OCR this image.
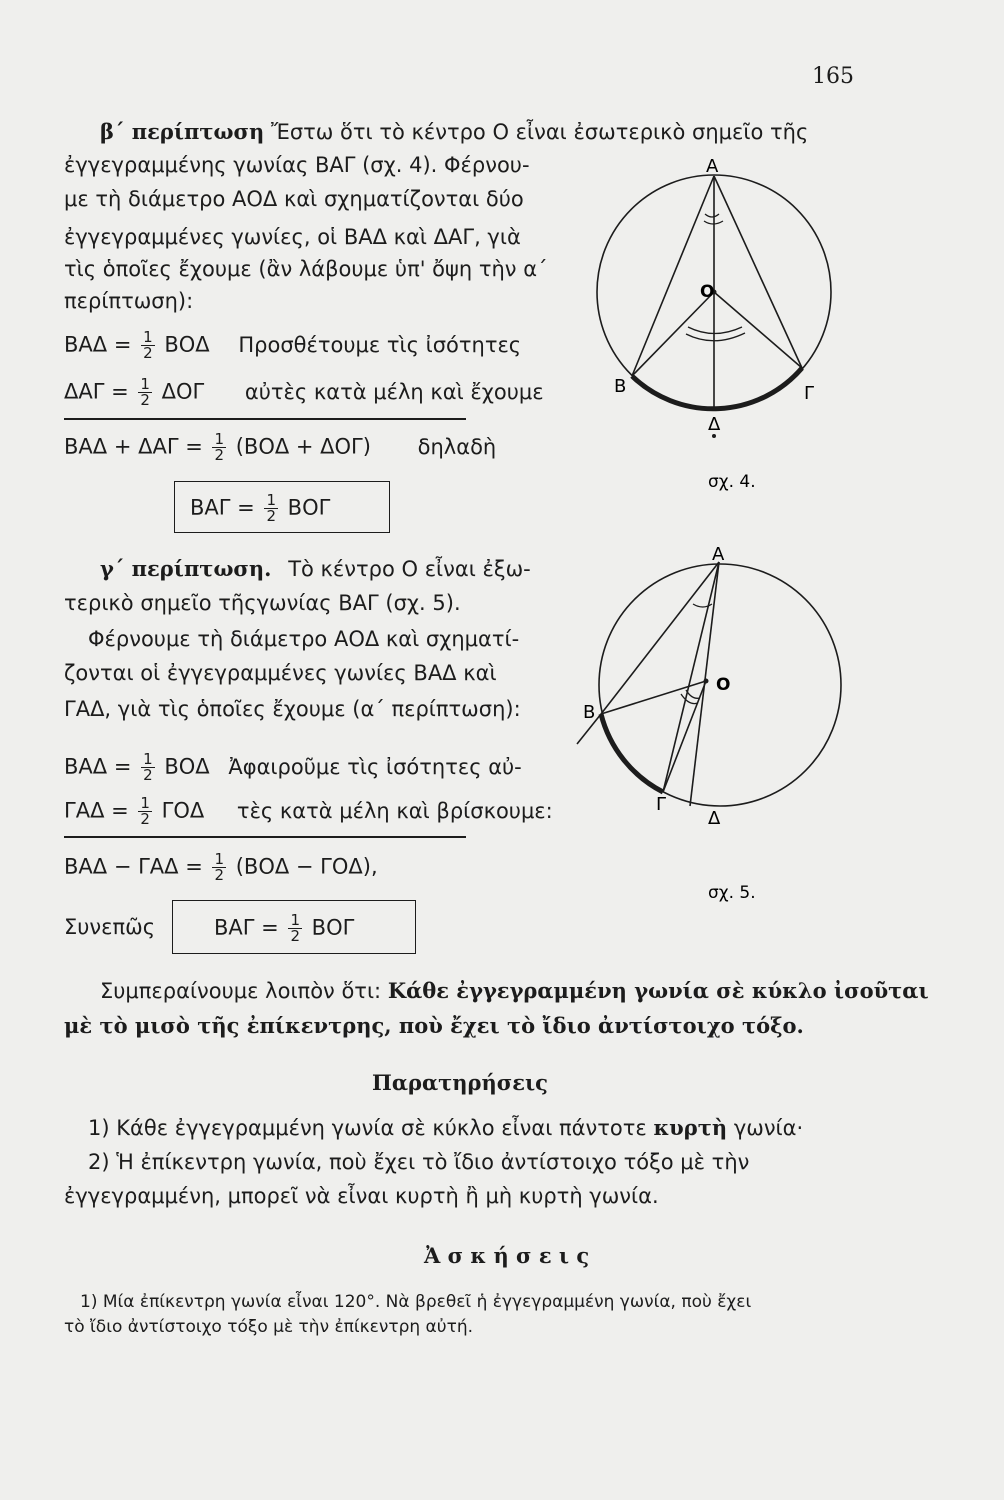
165
β΄ περίπτωση Ἔστω ὅτι τὸ κέντρο Ο εἶναι ἐσωτερικὸ σημεῖο τῆς
ἐγγεγραμμένης γωνίας ΒΑΓ (σχ. 4). Φέρνου-
με τὴ διάμετρο ΑΟΔ καὶ σχηματίζονται δύο
ἐγγεγραμμένες γωνίες, οἱ ΒΑΔ καὶ ΔΑΓ, γιὰ
τὶς ὁποῖες ἔχουμε (ἂν λάβουμε ὑπ' ὄψη τὴν α΄
περίπτωση):
$BA\Delta = \frac{1}{2}$ ΒΟΔ Προσθέτουμε τὶς ἰσότητες
$\Delta A\Gamma = \frac{1}{2}$ ΔΟΓ αὐτὲς κατὰ μέλη καὶ ἔχουμε
$BA\Delta + \Delta A\Gamma = \frac{1}{2} (BO\Delta + \Delta O\Gamma)$ δηλαδὴ
$BA\Gamma = \frac{1}{2}$ ΒΟΓ
γ΄ περίπτωση. Τὸ κέντρο Ο εἶναι ἐξω-
τερικὸ σημεῖο τῆςγωνίας ΒΑΓ (σχ. 5).
Φέρνουμε τὴ διάμετρο ΑΟΔ καὶ σχηματί-
ζονται οἱ ἐγγεγραμμένες γωνίες ΒΑΔ καὶ
ΓΑΔ, γιὰ τὶς ὁποῖες ἔχουμε (α΄ περίπτωση):
$BA\Delta = \frac{1}{2}$ ΒΟΔ Ἀφαιροῦμε τὶς ἰσότητες αὐ-
$\Gamma A\Delta = \frac{1}{2}$ ΓΟΔ τὲς κατὰ μέλη καὶ βρίσκουμε:
$BA\Delta - \Gamma A\Delta = \frac{1}{2} (BO\Delta - \Gamma O\Delta)$,
Συνεπῶς	$BA\Gamma = \frac{1}{2}$ ΒΟΓ
Συμπεραίνουμε λοιπὸν ὅτι: Κάθε ἐγγεγραμμένη γωνία σὲ κύκλο ἰσοῦται
μὲ τὸ μισὸ τῆς ἐπίκεντρης, ποὺ ἔχει τὸ ἴδιο ἀντίστοιχο τόξο.
Παρατηρήσεις
1) Κάθε ἐγγεγραμμένη γωνία σὲ κύκλο εἶναι πάντοτε κυρτὴ γωνία·
2) Ἡ ἐπίκεντρη γωνία, ποὺ ἔχει τὸ ἴδιο ἀντίστοιχο τόξο μὲ τὴν
ἐγγεγραμμένη, μπορεῖ νὰ εἶναι κυρτὴ ἢ μὴ κυρτὴ γωνία.
Ἀ σ κ ή σ ε ι ς
1) Μία ἐπίκεντρη γωνία εἶναι 120°. Νὰ βρεθεῖ ἡ ἐγγεγραμμένη γωνία, ποὺ ἔχει
τὸ ἴδιο ἀντίστοιχο τόξο μὲ τὴν ἐπίκεντρη αὐτή.
Α
Ο
Β	Γ
Δ
σχ. 4.
Α
Ο
Β
Γ
Δ
σχ. 5.
